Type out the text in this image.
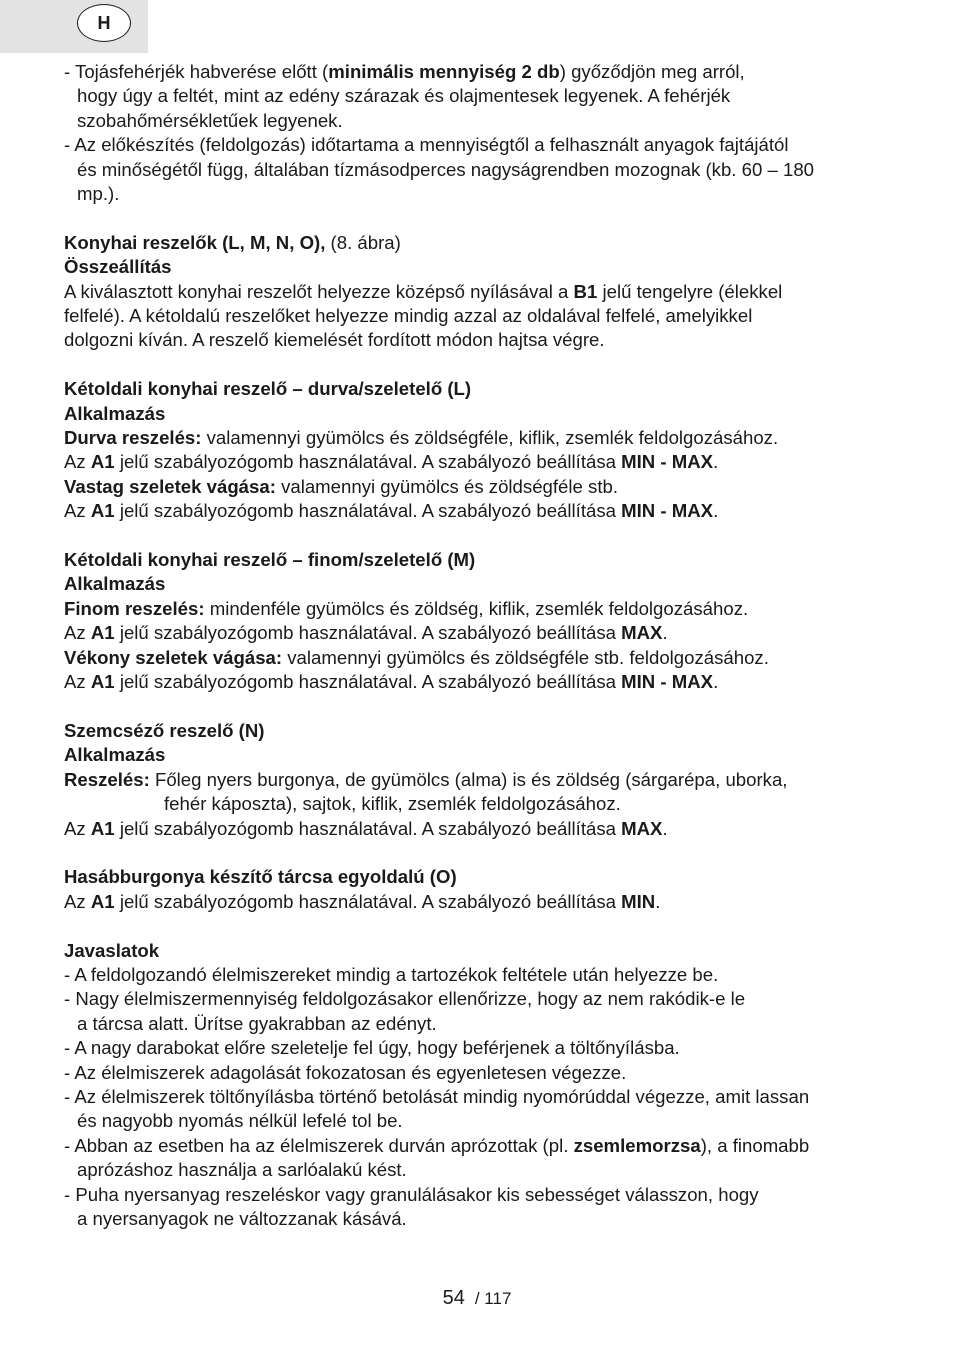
H

- Tojásfehérjék habverése előtt (minimális mennyiség 2 db) győződjön meg arról,
hogy úgy a feltét, mint az edény szárazak és olajmentesek legyenek. A fehérjék
szobahőmérsékletűek legyenek.

- Az előkészítés (feldolgozás) időtartama a mennyiségtől a felhasznált anyagok fajtájától
és minőségétől függ, általában tízmásodperces nagyságrendben mozognak (kb. 60 – 180
mp.).

Konyhai reszelők (L, M, N, O), (8. ábra)

Összeállítás

A kiválasztott konyhai reszelőt helyezze középső nyílásával a B1 jelű tengelyre (élekkel

felfelé). A kétoldalú reszelőket helyezze mindig azzal az oldalával felfelé, amelyikkel

dolgozni kíván. A reszelő kiemelését fordított módon hajtsa végre.

Kétoldali konyhai reszelő – durva/szeletelő (L)

Alkalmazás

Durva reszelés: valamennyi gyümölcs és zöldségféle, kiflik, zsemlék feldolgozásához.

Az A1 jelű szabályozógomb használatával. A szabályozó beállítása MIN - MAX.

Vastag szeletek vágása: valamennyi gyümölcs és zöldségféle stb.

Az A1 jelű szabályozógomb használatával. A szabályozó beállítása MIN - MAX.

Kétoldali konyhai reszelő – finom/szeletelő (M)

Alkalmazás

Finom reszelés: mindenféle gyümölcs és zöldség, kiflik, zsemlék feldolgozásához.

Az A1 jelű szabályozógomb használatával. A szabályozó beállítása MAX.

Vékony szeletek vágása: valamennyi gyümölcs és zöldségféle stb. feldolgozásához.

Az A1 jelű szabályozógomb használatával. A szabályozó beállítása MIN - MAX.

Szemcséző reszelő (N)

Alkalmazás

Reszelés: Főleg nyers burgonya, de gyümölcs (alma) is és zöldség (sárgarépa, uborka,

fehér káposzta), sajtok, kiflik, zsemlék feldolgozásához.

Az A1 jelű szabályozógomb használatával. A szabályozó beállítása MAX.

Hasábburgonya készítő tárcsa egyoldalú (O)

Az A1 jelű szabályozógomb használatával. A szabályozó beállítása MIN.

Javaslatok

- A feldolgozandó élelmiszereket mindig a tartozékok feltétele után helyezze be.

- Nagy élelmiszermennyiség feldolgozásakor ellenőrizze, hogy az nem rakódik-e le
a tárcsa alatt. Ürítse gyakrabban az edényt.

- A nagy darabokat előre szeletelje fel úgy, hogy beférjenek a töltőnyílásba.

- Az élelmiszerek adagolását fokozatosan és egyenletesen végezze.

- Az élelmiszerek töltőnyílásba történő betolását mindig nyomórúddal végezze, amit lassan
és nagyobb nyomás nélkül lefelé tol be.

- Abban az esetben ha az élelmiszerek durván aprózottak (pl. zsemlemorzsa), a finomabb
aprózáshoz használja a sarlóalakú kést.

- Puha nyersanyag reszeléskor vagy granulálásakor kis sebességet válasszon, hogy
a nyersanyagok ne változzanak kásává.

54 / 117
